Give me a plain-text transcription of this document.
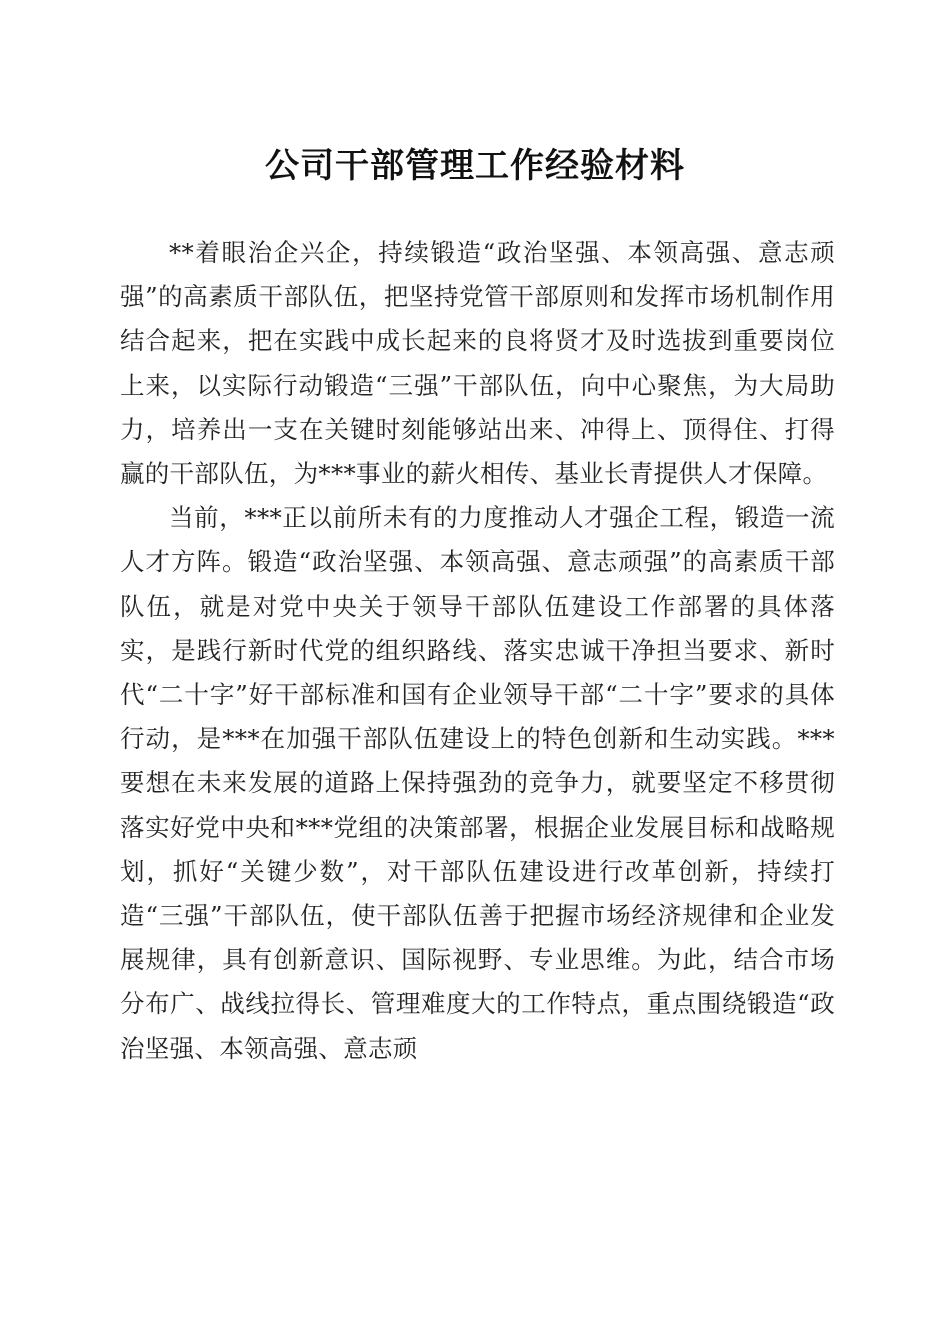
公司干部管理工作经验材料

**着眼治企兴企，持续锻造“政治坚强、本领高强、意志顽强”的高素质干部队伍，把坚持党管干部原则和发挥市场机制作用结合起来，把在实践中成长起来的良将贤才及时选拔到重要岗位上来，以实际行动锻造“三强”干部队伍，向中心聚焦，为大局助力，培养出一支在关键时刻能够站出来、冲得上、顶得住、打得赢的干部队伍，为***事业的薪火相传、基业长青提供人才保障。

当前，***正以前所未有的力度推动人才强企工程，锻造一流人才方阵。锻造“政治坚强、本领高强、意志顽强”的高素质干部队伍，就是对党中央关于领导干部队伍建设工作部署的具体落实，是践行新时代党的组织路线、落实忠诚干净担当要求、新时代“二十字”好干部标准和国有企业领导干部“二十字”要求的具体行动，是***在加强干部队伍建设上的特色创新和生动实践。***要想在未来发展的道路上保持强劲的竞争力，就要坚定不移贯彻落实好党中央和***党组的决策部署，根据企业发展目标和战略规划，抓好“关键少数”，对干部队伍建设进行改革创新，持续打造“三强”干部队伍，使干部队伍善于把握市场经济规律和企业发展规律，具有创新意识、国际视野、专业思维。为此，结合市场分布广、战线拉得长、管理难度大的工作特点，重点围绕锻造“政治坚强、本领高强、意志顽
